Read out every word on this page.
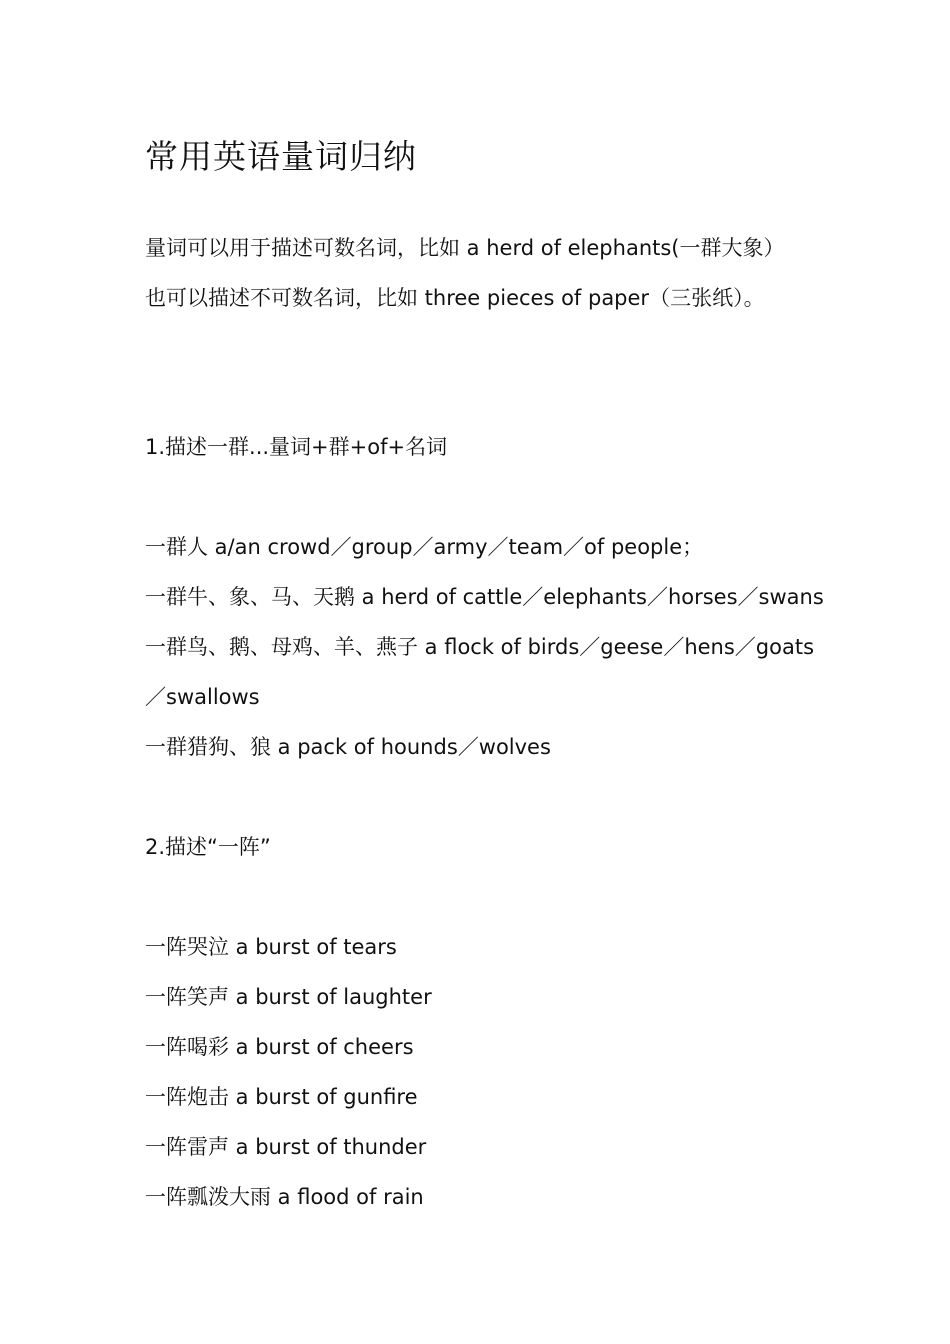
常用英语量词归纳

量词可以用于描述可数名词，比如 a herd of elephants(一群大象）

也可以描述不可数名词，比如 three pieces of paper（三张纸）。

1.描述一群...量词+群+of+名词

一群人 a/an crowd／group／army／team／of people；

一群牛、象、马、天鹅 a herd of cattle／elephants／horses／swans

一群鸟、鹅、母鸡、羊、燕子 a flock of birds／geese／hens／goats

／swallows

一群猎狗、狼 a pack of hounds／wolves

2.描述“一阵”

一阵哭泣 a burst of tears

一阵笑声 a burst of laughter

一阵喝彩 a burst of cheers

一阵炮击 a burst of gunfire

一阵雷声 a burst of thunder

一阵瓢泼大雨 a flood of rain
